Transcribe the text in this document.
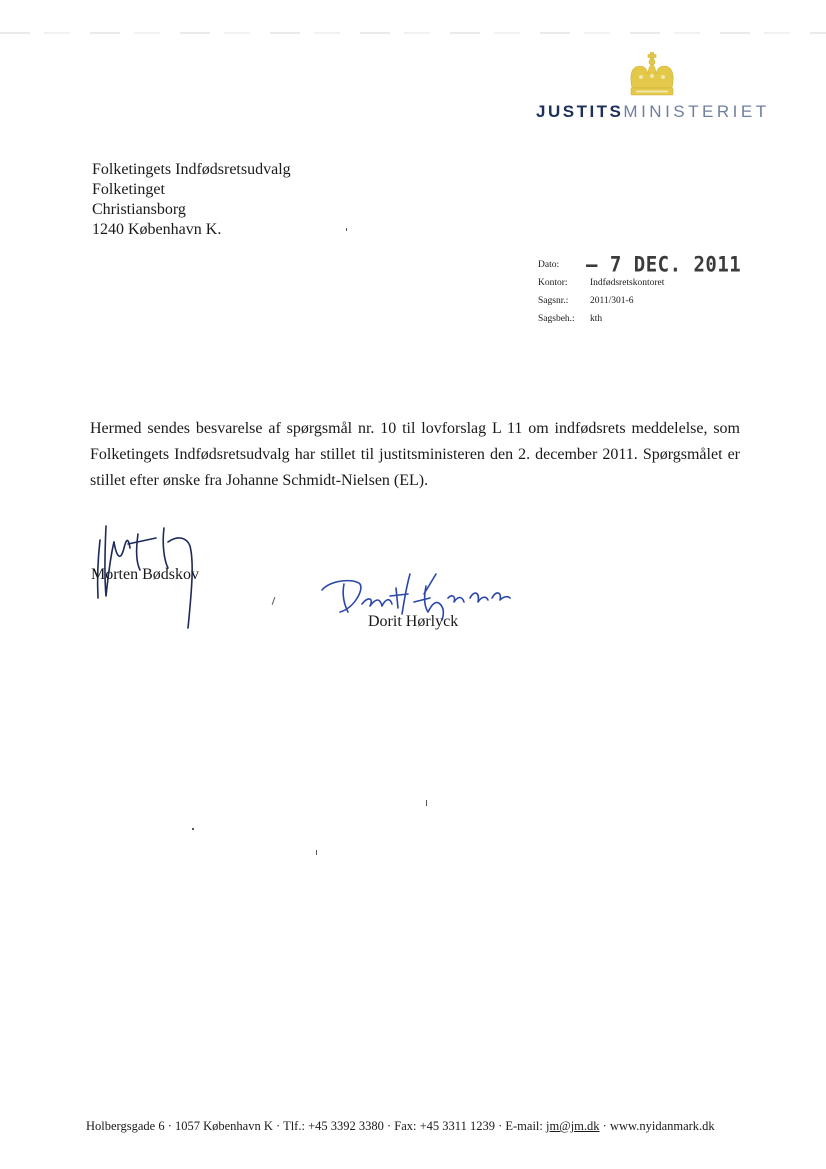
JUSTITSMINISTERIET
Folketingets Indfødsretsudvalg
Folketinget
Christiansborg
1240 København K.
Dato:
Kontor: Indfødsretskontoret
Sagsnr.: 2011/301-6
Sagsbeh.: kth
– 7 DEC. 2011

Hermed sendes besvarelse af spørgsmål nr. 10 til lovforslag L 11 om indfødsrets meddelelse, som Folketingets Indfødsretsudvalg har stillet til justitsministeren den 2. december 2011. Spørgsmålet er stillet efter ønske fra Johanne Schmidt-Nielsen (EL).

Morten Bødskov
Dorit Hørlyck
Holbergsgade 6 · 1057 København K · Tlf.: +45 3392 3380 · Fax: +45 3311 1239 · E-mail: jm@jm.dk · www.nyidanmark.dk
